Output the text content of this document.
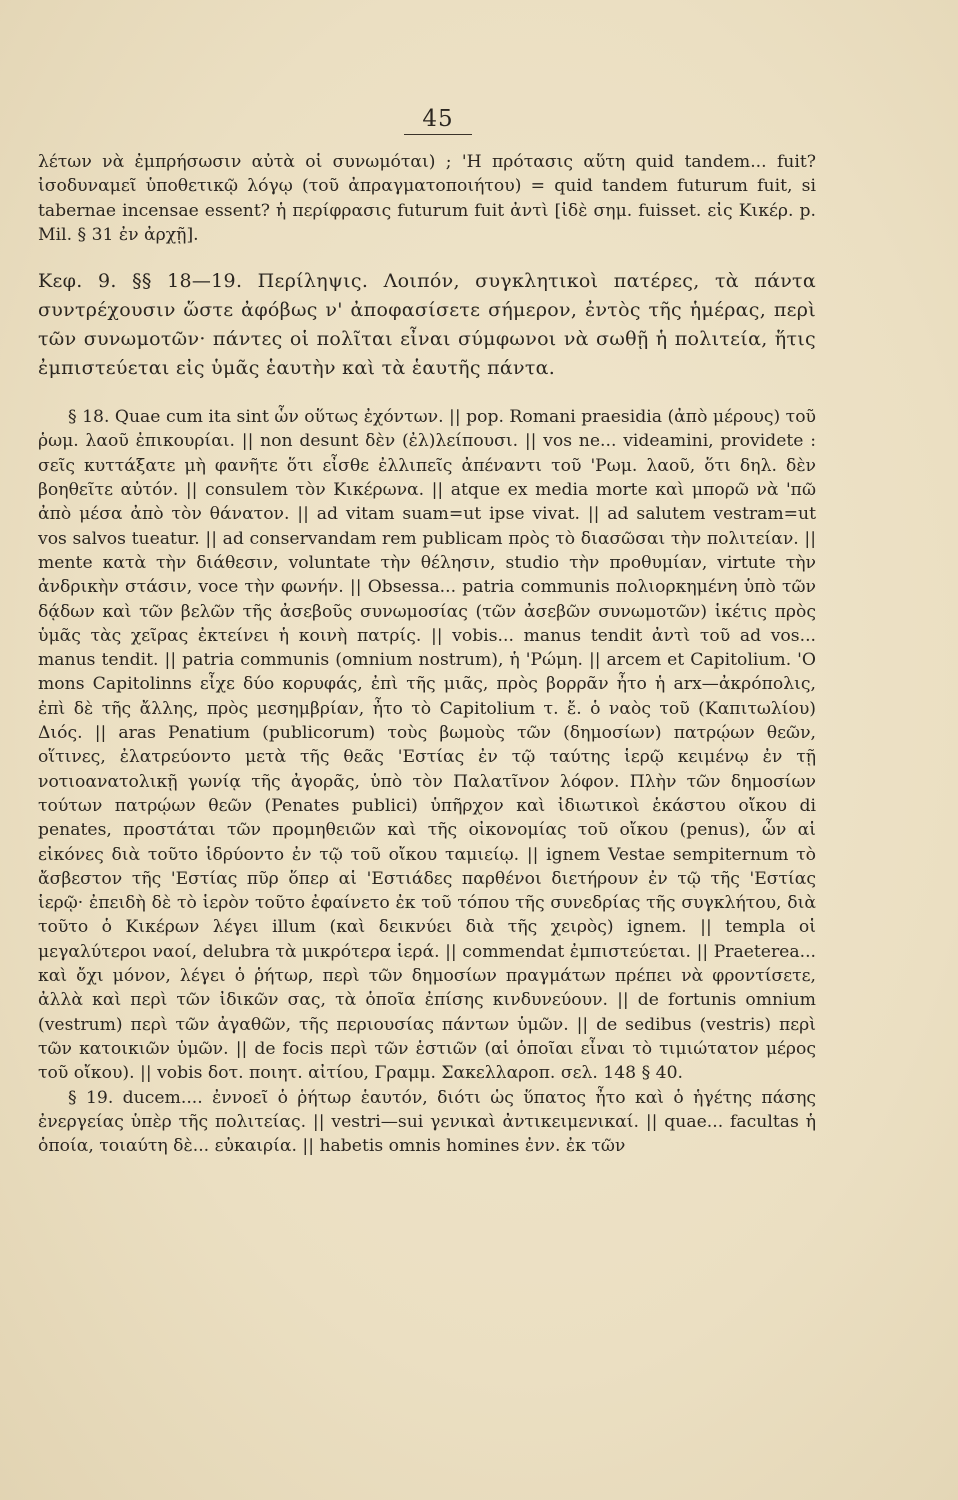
45

λέτων νὰ ἐμπρήσωσιν αὐτὰ οἱ συνωμόται) ; 'Η πρότασις αὕτη quid tandem... fuit? ἰσοδυναμεῖ ὑποθετικῷ λόγῳ (τοῦ ἀπραγματοποιήτου) = quid tandem futurum fuit, si tabernae incensae essent? ἡ περίφρασις futurum fuit ἀντὶ [ἰδὲ σημ. fuisset. εἰς Κικέρ. p. Mil. § 31 ἐν ἀρχῇ].

Κεφ. 9. §§ 18—19. Περίληψις. Λοιπόν, συγκλητικοὶ πατέρες, τὰ πάντα συντρέχουσιν ὥστε ἀφόβως ν' ἀποφασίσετε σήμερον, ἐντὸς τῆς ἡμέρας, περὶ τῶν συνωμοτῶν· πάντες οἱ πολῖται εἶναι σύμφωνοι νὰ σωθῇ ἡ πολιτεία, ἥτις ἐμπιστεύεται εἰς ὑμᾶς ἑαυτὴν καὶ τὰ ἑαυτῆς πάντα.

§ 18. Quae cum ita sint ὧν οὕτως ἐχόντων. || pop. Romani praesidia (ἀπὸ μέρους) τοῦ ῥωμ. λαοῦ ἐπικουρίαι. || non desunt δὲν (ἐλ)λείπουσι. || vos ne... videamini, providete : σεῖς κυττάξατε μὴ φανῆτε ὅτι εἶσθε ἐλλιπεῖς ἀπέναντι τοῦ 'Ρωμ. λαοῦ, ὅτι δηλ. δὲν βοηθεῖτε αὐτόν. || consulem τὸν Κικέρωνα. || atque ex media morte καὶ μπορῶ νὰ 'πῶ ἀπὸ μέσα ἀπὸ τὸν θάνατον. || ad vitam suam=ut ipse vivat. || ad salutem vestram=ut vos salvos tueatur. || ad conservandam rem publicam πρὸς τὸ διασῶσαι τὴν πολιτείαν. || mente κατὰ τὴν διάθεσιν, voluntate τὴν θέλησιν, studio τὴν προθυμίαν, virtute τὴν ἀνδρικὴν στάσιν, voce τὴν φωνήν. || Obsessa... patria communis πολιορκημένη ὑπὸ τῶν δᾴδων καὶ τῶν βελῶν τῆς ἀσεβοῦς συνωμοσίας (τῶν ἀσεβῶν συνωμοτῶν) ἱκέτις πρὸς ὑμᾶς τὰς χεῖρας ἐκτείνει ἡ κοινὴ πατρίς. || vobis... manus tendit ἀντὶ τοῦ ad vos... manus tendit. || patria communis (omnium nostrum), ἡ 'Ρώμη. || arcem et Capitolium. 'Ο mons Capitolinns εἶχε δύο κορυφάς, ἐπὶ τῆς μιᾶς, πρὸς βορρᾶν ἦτο ἡ arx—ἀκρόπολις, ἐπὶ δὲ τῆς ἄλλης, πρὸς μεσημβρίαν, ἦτο τὸ Capitolium τ. ἔ. ὁ ναὸς τοῦ (Καπιτωλίου) Διός. || aras Penatium (publicorum) τοὺς βωμοὺς τῶν (δημοσίων) πατρῴων θεῶν, οἵτινες, ἐλατρεύοντο μετὰ τῆς θεᾶς 'Εστίας ἐν τῷ ταύτης ἱερῷ κειμένῳ ἐν τῇ νοτιοανατολικῇ γωνίᾳ τῆς ἀγορᾶς, ὑπὸ τὸν Παλατῖνον λόφον. Πλὴν τῶν δημοσίων τούτων πατρῴων θεῶν (Penates publici) ὑπῆρχον καὶ ἰδιωτικοὶ ἑκάστου οἴκου di penates, προστάται τῶν προμηθειῶν καὶ τῆς οἰκονομίας τοῦ οἴκου (penus), ὧν αἱ εἰκόνες διὰ τοῦτο ἱδρύοντο ἐν τῷ τοῦ οἴκου ταμιείῳ. || ignem Vestae sempiternum τὸ ἄσβεστον τῆς 'Εστίας πῦρ ὅπερ αἱ 'Εστιάδες παρθένοι διετήρουν ἐν τῷ τῆς 'Εστίας ἱερῷ· ἐπειδὴ δὲ τὸ ἱερὸν τοῦτο ἐφαίνετο ἐκ τοῦ τόπου τῆς συνεδρίας τῆς συγκλήτου, διὰ τοῦτο ὁ Κικέρων λέγει illum (καὶ δεικνύει διὰ τῆς χειρὸς) ignem. || templa οἱ μεγαλύτεροι ναοί, delubra τὰ μικρότερα ἱερά. || commendat ἐμπιστεύεται. || Praeterea... καὶ ὄχι μόνον, λέγει ὁ ῥήτωρ, περὶ τῶν δημοσίων πραγμάτων πρέπει νὰ φροντίσετε, ἀλλὰ καὶ περὶ τῶν ἰδικῶν σας, τὰ ὁποῖα ἐπίσης κινδυνεύουν. || de fortunis omnium (vestrum) περὶ τῶν ἀγαθῶν, τῆς περιουσίας πάντων ὑμῶν. || de sedibus (vestris) περὶ τῶν κατοικιῶν ὑμῶν. || de focis περὶ τῶν ἑστιῶν (αἱ ὁποῖαι εἶναι τὸ τιμιώτατον μέρος τοῦ οἴκου). || vobis δοτ. ποιητ. αἰτίου, Γραμμ. Σακελλαροπ. σελ. 148 § 40.

§ 19. ducem.... ἐννοεῖ ὁ ῥήτωρ ἑαυτόν, διότι ὡς ὕπατος ἦτο καὶ ὁ ἡγέτης πάσης ἐνεργείας ὑπὲρ τῆς πολιτείας. || vestri—sui γενικαὶ ἀντικειμενικαί. || quae... facultas ἡ ὁποία, τοιαύτη δὲ... εὐκαιρία. || habetis omnis homines ἐνν. ἐκ τῶν
